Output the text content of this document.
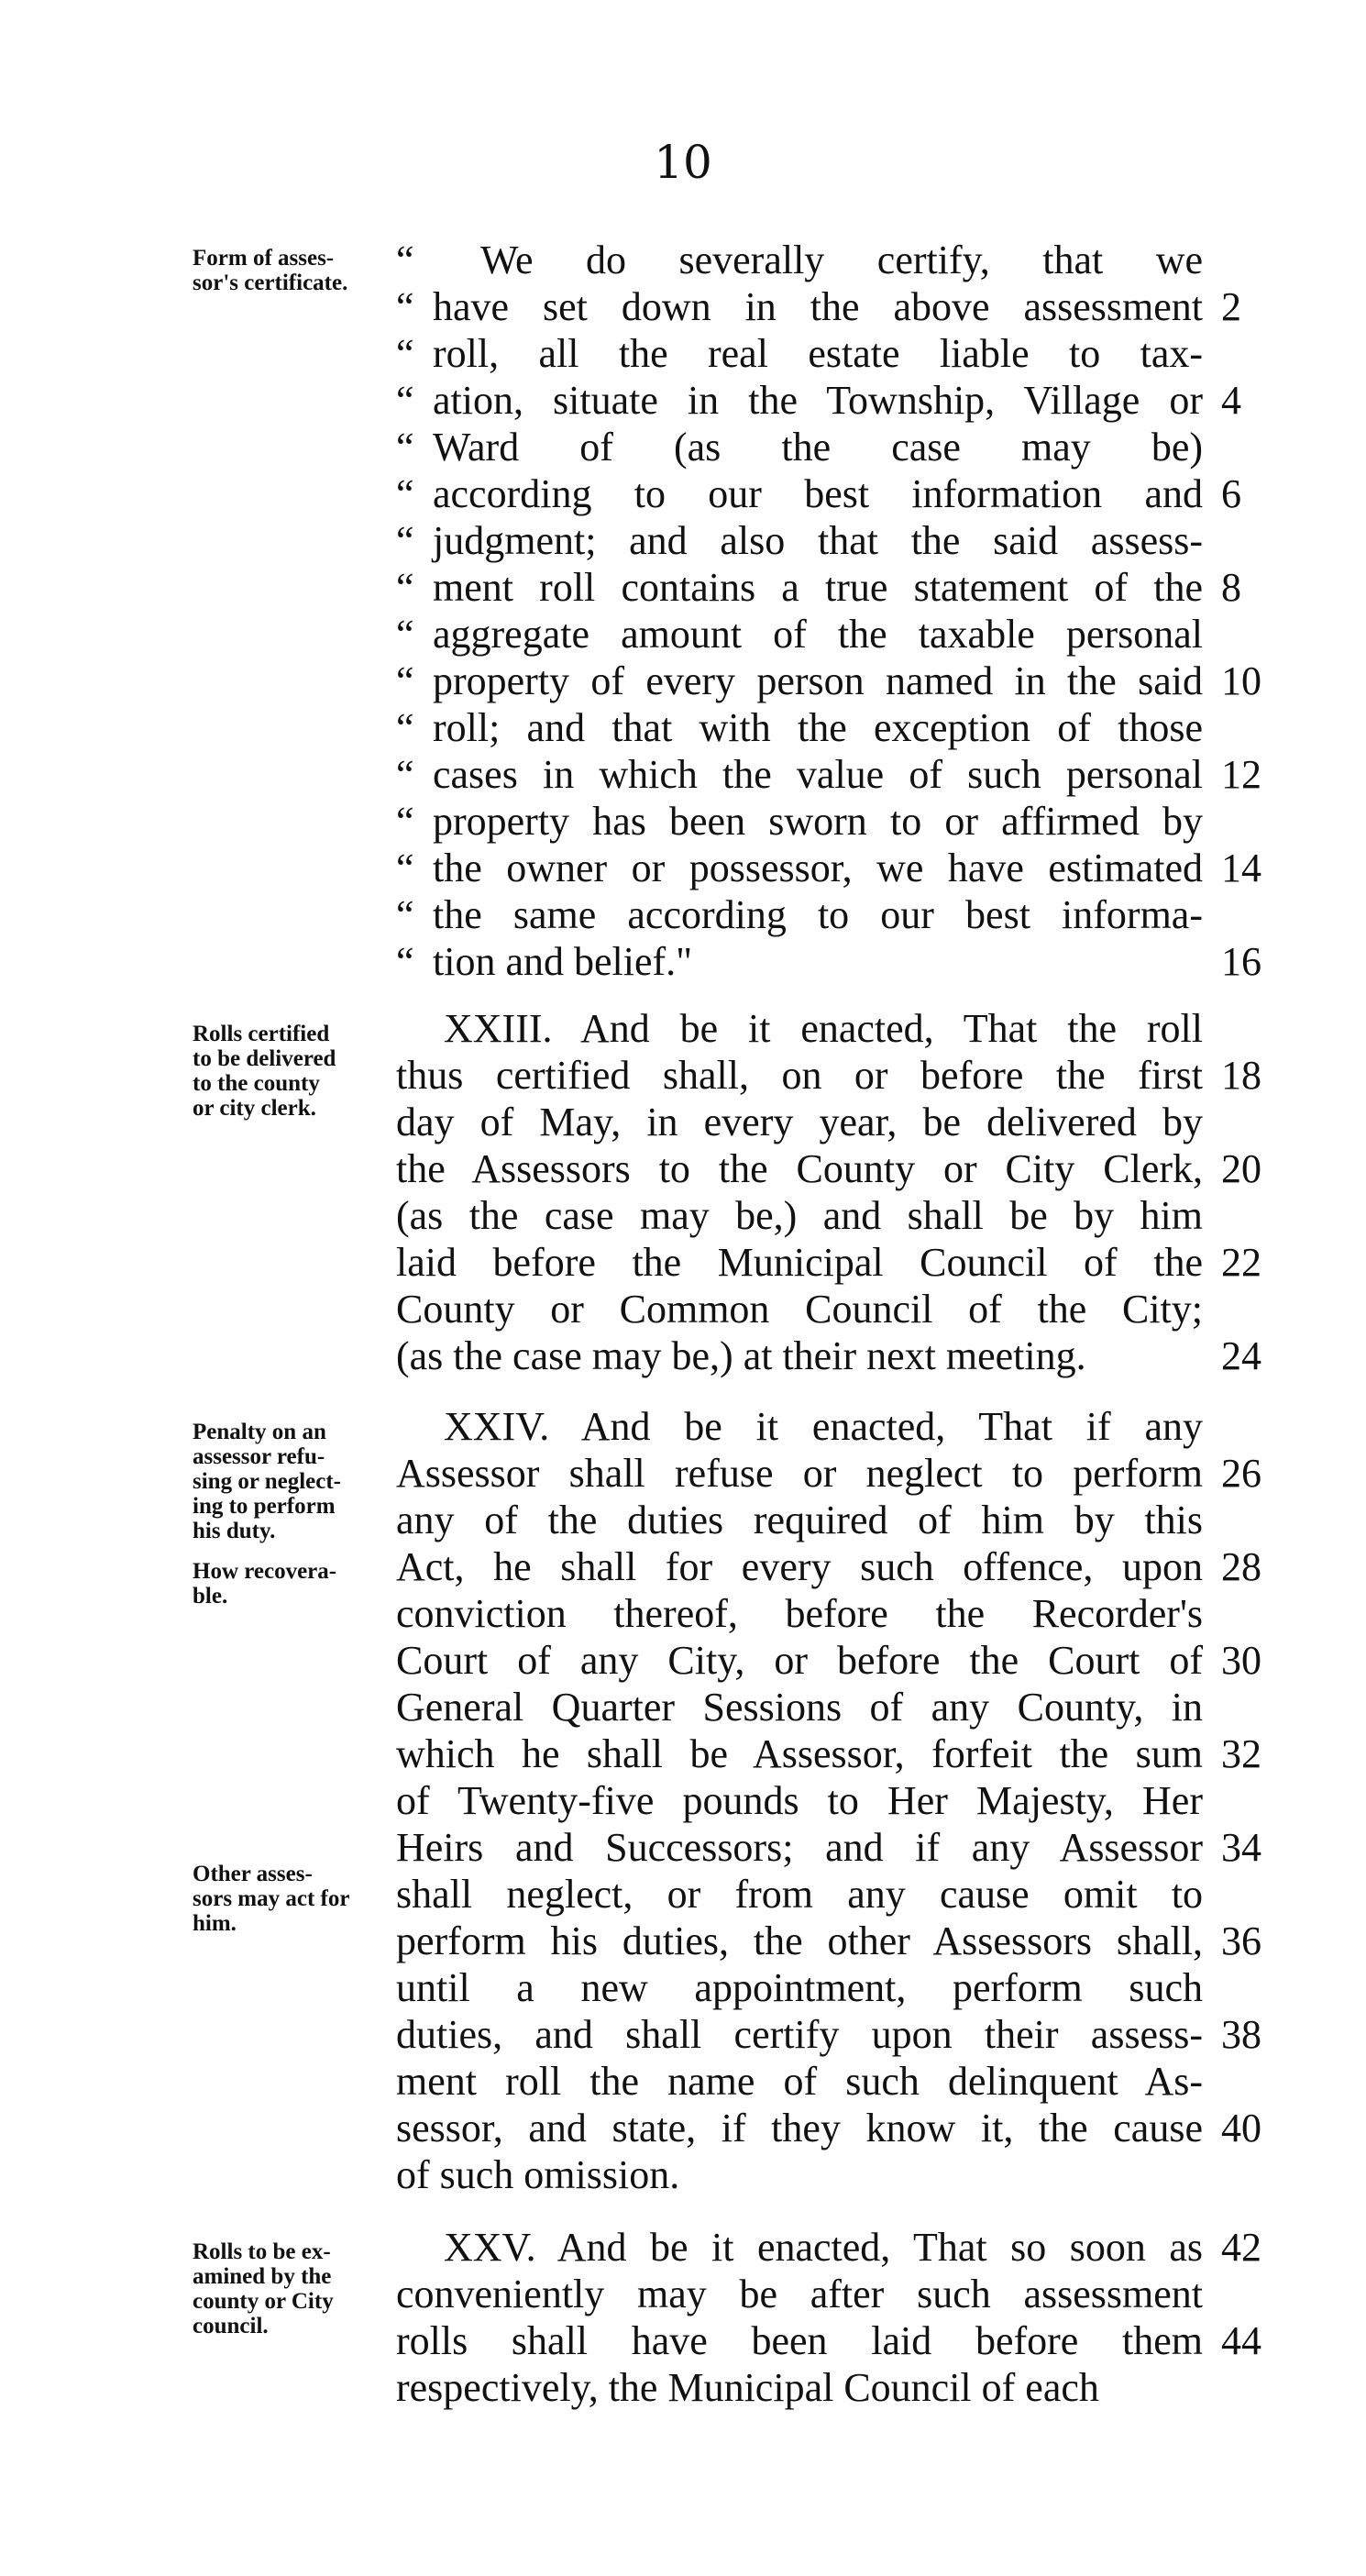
10
Form of asses-
sor's certificate.
Rolls certified
to be delivered
to the county
or city clerk.
Penalty on an
assessor refu-
sing or neglect-
ing to perform
his duty.
How recovera-
ble.
Other asses-
sors may act for
him.
Rolls to be ex-
amined by the
county or City
council.
“ We do severally certify, that we
“ have set down in the above assessment 2
“ roll, all the real estate liable to tax-
“ ation, situate in the Township, Village or 4
“ Ward of (as the case may be)
“ according to our best information and 6
“ judgment; and also that the said assess-
“ ment roll contains a true statement of the 8
“ aggregate amount of the taxable personal
“ property of every person named in the said 10
“ roll; and that with the exception of those
“ cases in which the value of such personal 12
“ property has been sworn to or affirmed by
“ the owner or possessor, we have estimated 14
“ the same according to our best informa-
“ tion and belief."	16
XXIII. And be it enacted, That the roll
thus certified shall, on or before the first 18
day of May, in every year, be delivered by
the Assessors to the County or City Clerk, 20
(as the case may be,) and shall be by him
laid before the Municipal Council of the 22
County or Common Council of the City;
(as the case may be,) at their next meeting.	24
XXIV. And be it enacted, That if any
Assessor shall refuse or neglect to perform 26
any of the duties required of him by this
Act, he shall for every such offence, upon 28
conviction thereof, before the Recorder's
Court of any City, or before the Court of 30
General Quarter Sessions of any County, in
which he shall be Assessor, forfeit the sum 32
of Twenty-five pounds to Her Majesty, Her
Heirs and Successors; and if any Assessor 34
shall neglect, or from any cause omit to
perform his duties, the other Assessors shall, 36
until a new appointment, perform such
duties, and shall certify upon their assess- 38
ment roll the name of such delinquent As-
sessor, and state, if they know it, the cause 40
of such omission.
XXV. And be it enacted, That so soon as 42
conveniently may be after such assessment
rolls shall have been laid before them 44
respectively, the Municipal Council of each
